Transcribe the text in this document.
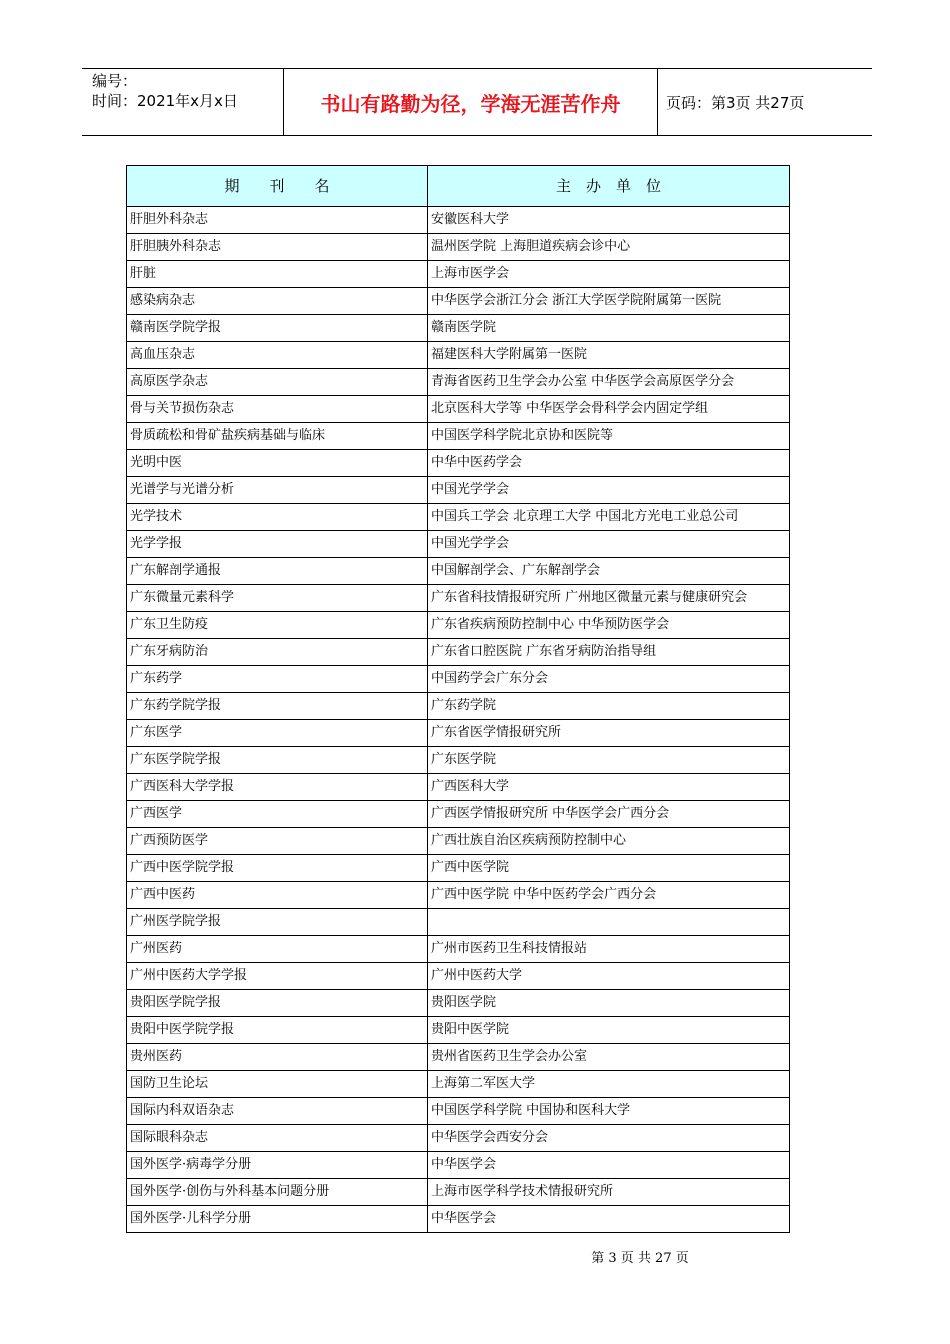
编号：
时间：2021年x月x日	书山有路勤为径，学海无涯苦作舟	页码：第3页 共27页
期　　刊　　名	主　办　单　位
肝胆外科杂志	安徽医科大学
肝胆胰外科杂志	温州医学院 上海胆道疾病会诊中心
肝脏	上海市医学会
感染病杂志	中华医学会浙江分会 浙江大学医学院附属第一医院
赣南医学院学报	赣南医学院
高血压杂志	福建医科大学附属第一医院
高原医学杂志	青海省医药卫生学会办公室 中华医学会高原医学分会
骨与关节损伤杂志	北京医科大学等 中华医学会骨科学会内固定学组
骨质疏松和骨矿盐疾病基础与临床	中国医学科学院北京协和医院等
光明中医	中华中医药学会
光谱学与光谱分析	中国光学学会
光学技术	中国兵工学会 北京理工大学 中国北方光电工业总公司
光学学报	中国光学学会
广东解剖学通报	中国解剖学会、广东解剖学会
广东微量元素科学	广东省科技情报研究所 广州地区微量元素与健康研究会
广东卫生防疫	广东省疾病预防控制中心 中华预防医学会
广东牙病防治	广东省口腔医院 广东省牙病防治指导组
广东药学	中国药学会广东分会
广东药学院学报	广东药学院
广东医学	广东省医学情报研究所
广东医学院学报	广东医学院
广西医科大学学报	广西医科大学
广西医学	广西医学情报研究所 中华医学会广西分会
广西预防医学	广西壮族自治区疾病预防控制中心
广西中医学院学报	广西中医学院
广西中医药	广西中医学院 中华中医药学会广西分会
广州医学院学报	
广州医药	广州市医药卫生科技情报站
广州中医药大学学报	广州中医药大学
贵阳医学院学报	贵阳医学院
贵阳中医学院学报	贵阳中医学院
贵州医药	贵州省医药卫生学会办公室
国防卫生论坛	上海第二军医大学
国际内科双语杂志	中国医学科学院 中国协和医科大学
国际眼科杂志	中华医学会西安分会
国外医学·病毒学分册	中华医学会
国外医学·创伤与外科基本问题分册	上海市医学科学技术情报研究所
国外医学·儿科学分册	中华医学会
第 3 页 共 27 页
